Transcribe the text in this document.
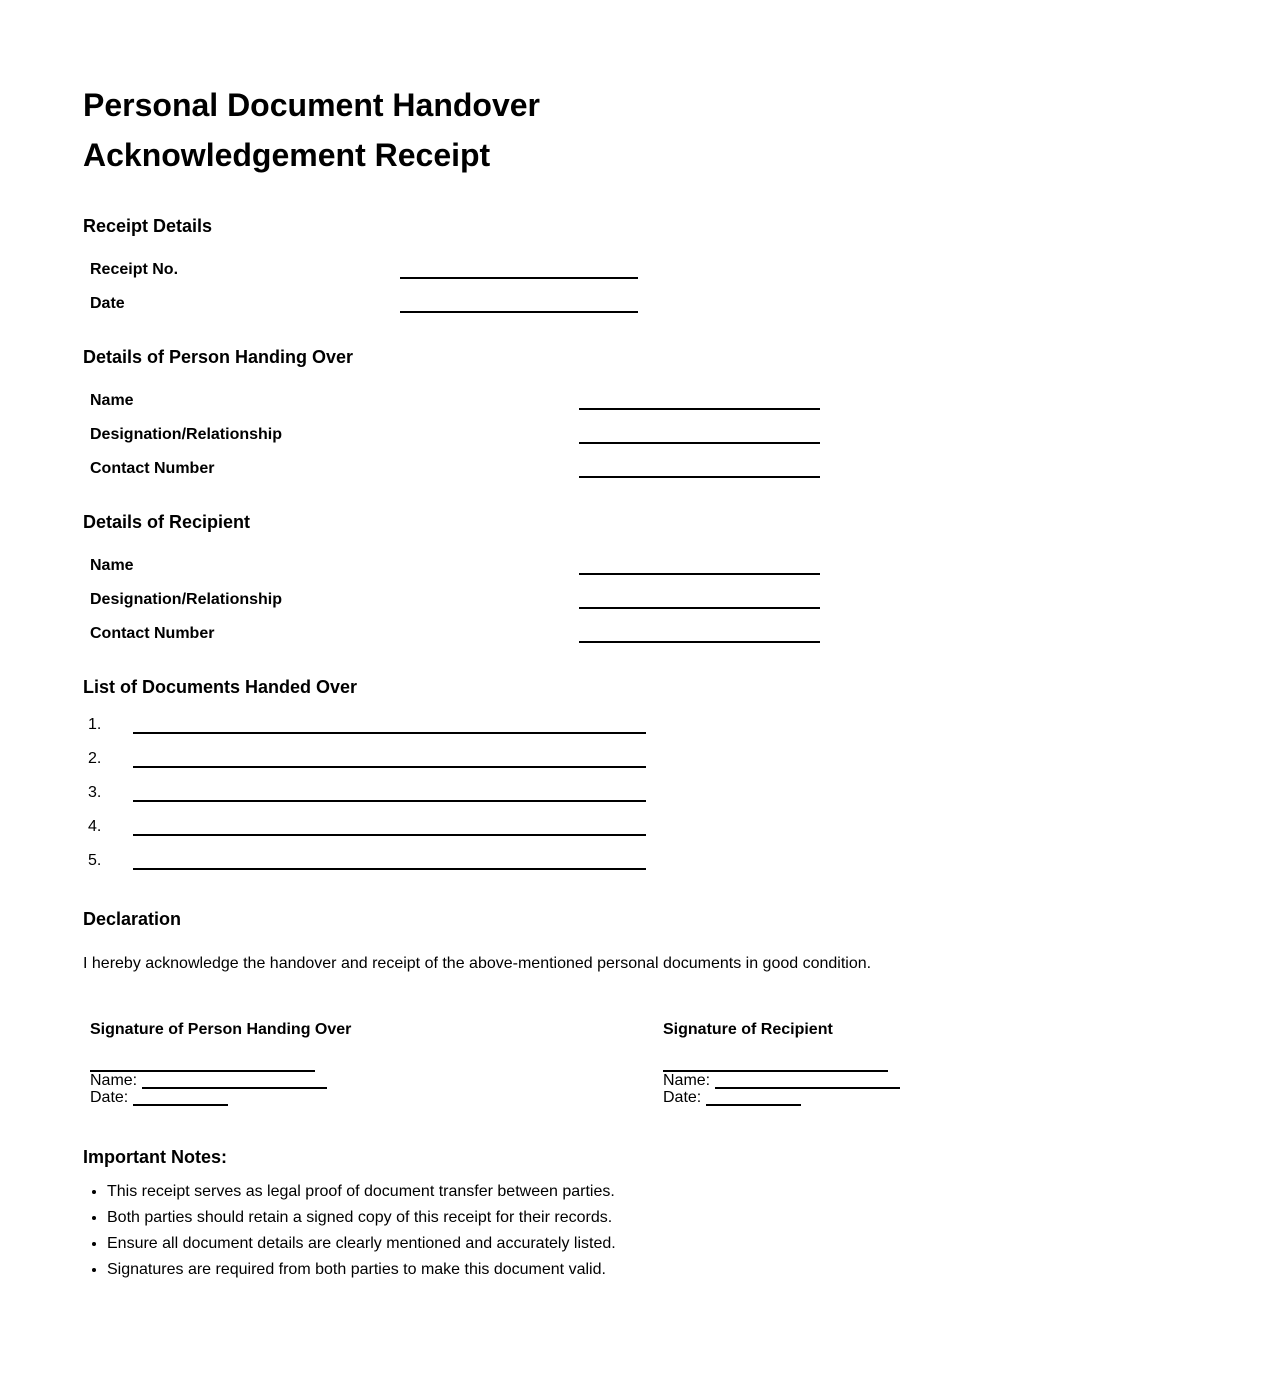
Personal Document Handover
Acknowledgement Receipt
Receipt Details
Receipt No.
Date
Details of Person Handing Over
Name
Designation/Relationship
Contact Number
Details of Recipient
Name
Designation/Relationship
Contact Number
List of Documents Handed Over
1.
2.
3.
4.
5.
Declaration

I hereby acknowledge the handover and receipt of the above-mentioned personal documents in good condition.

Signature of Person Handing Over
Name:
Date:
Signature of Recipient
Name:
Date:
Important Notes:
• This receipt serves as legal proof of document transfer between parties.
• Both parties should retain a signed copy of this receipt for their records.
• Ensure all document details are clearly mentioned and accurately listed.
• Signatures are required from both parties to make this document valid.
